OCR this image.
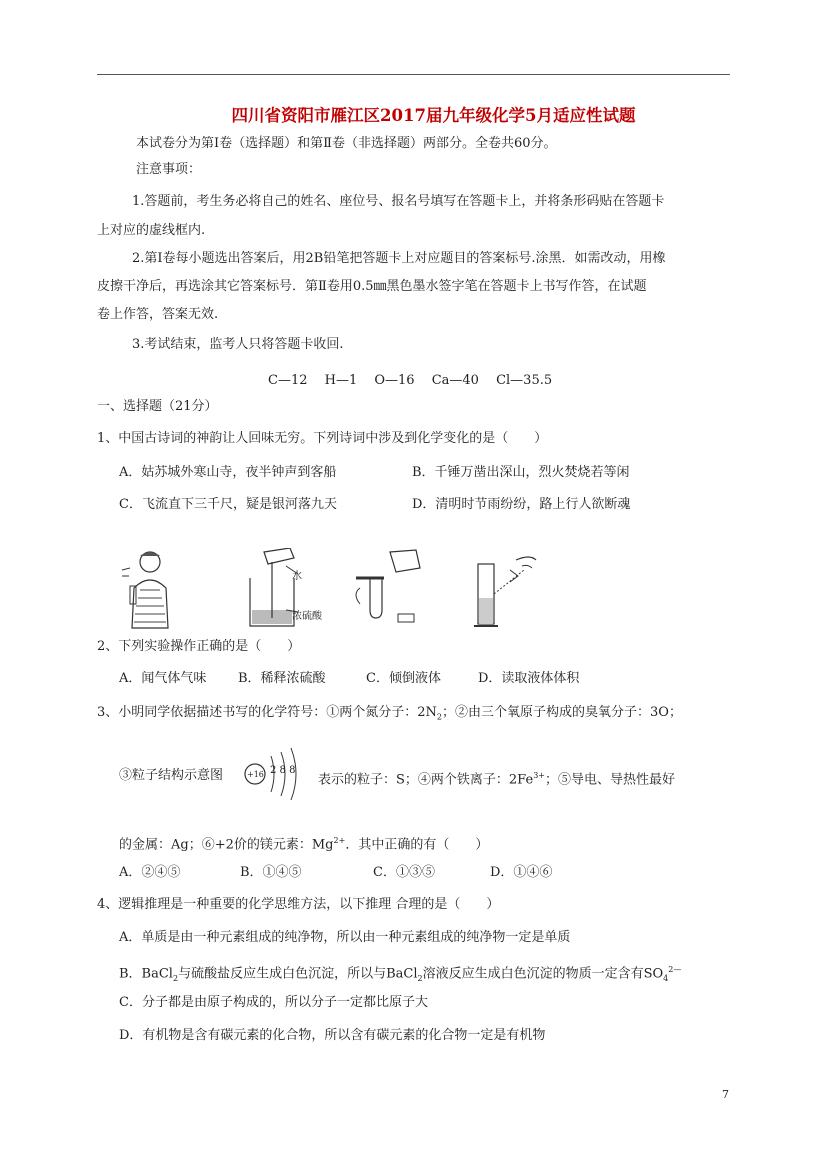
四川省资阳市雁江区2017届九年级化学5月适应性试题
本试卷分为第Ⅰ卷（选择题）和第Ⅱ卷（非选择题）两部分。全卷共60分。
注意事项：
1.答题前，考生务必将自己的姓名、座位号、报名号填写在答题卡上，并将条形码贴在答题卡
上对应的虚线框内.
2.第Ⅰ卷每小题选出答案后，用2B铅笔把答题卡上对应题目的答案标号.涂黑．如需改动，用橡
皮擦干净后，再选涂其它答案标号．第Ⅱ卷用0.5㎜黑色墨水签字笔在答题卡上书写作答，在试题
卷上作答，答案无效.
3.考试结束，监考人只将答题卡收回.
C—12　 H—1　 O—16　 Ca—40　 Cl—35.5
一、选择题（21分）
1、中国古诗词的神韵让人回味无穷。下列诗词中涉及到化学变化的是（　　）
A．姑苏城外寒山寺，夜半钟声到客船	B．千锤万凿出深山，烈火焚烧若等闲
C．飞流直下三千尺，疑是银河落九天	D．清明时节雨纷纷，路上行人欲断魂
水
浓硫酸
2、下列实验操作正确的是（　　）
A．闻气体气味 B．稀释浓硫酸	C．倾倒液体	D．读取液体体积
3、小明同学依据描述书写的化学符号：①两个氮分子：$2N_2$；②由三个氧原子构成的臭氧分子：3O；
③粒子结构示意图	+16 2 8 8
表示的粒子：S；④两个铁离子：$2Fe^{3+}$；⑤导电、导热性最好
的金属：Ag；⑥+2价的镁元素：$Mg^{2+}$．其中正确的有（　　）
A．②④⑤	B．①④⑤	C．①③⑤	D．①④⑥
4、逻辑推理是一种重要的化学思维方法，以下推理 合理的是（　　）
A．单质是由一种元素组成的纯净物，所以由一种元素组成的纯净物一定是单质
B．BaCl$_2$与硫酸盐反应生成白色沉淀，所以与BaCl$_2$溶液反应生成白色沉淀的物质一定含有$SO_4^{2—}$
C．分子都是由原子构成的，所以分子一定都比原子大
D．有机物是含有碳元素的化合物，所以含有碳元素的化合物一定是有机物
7
